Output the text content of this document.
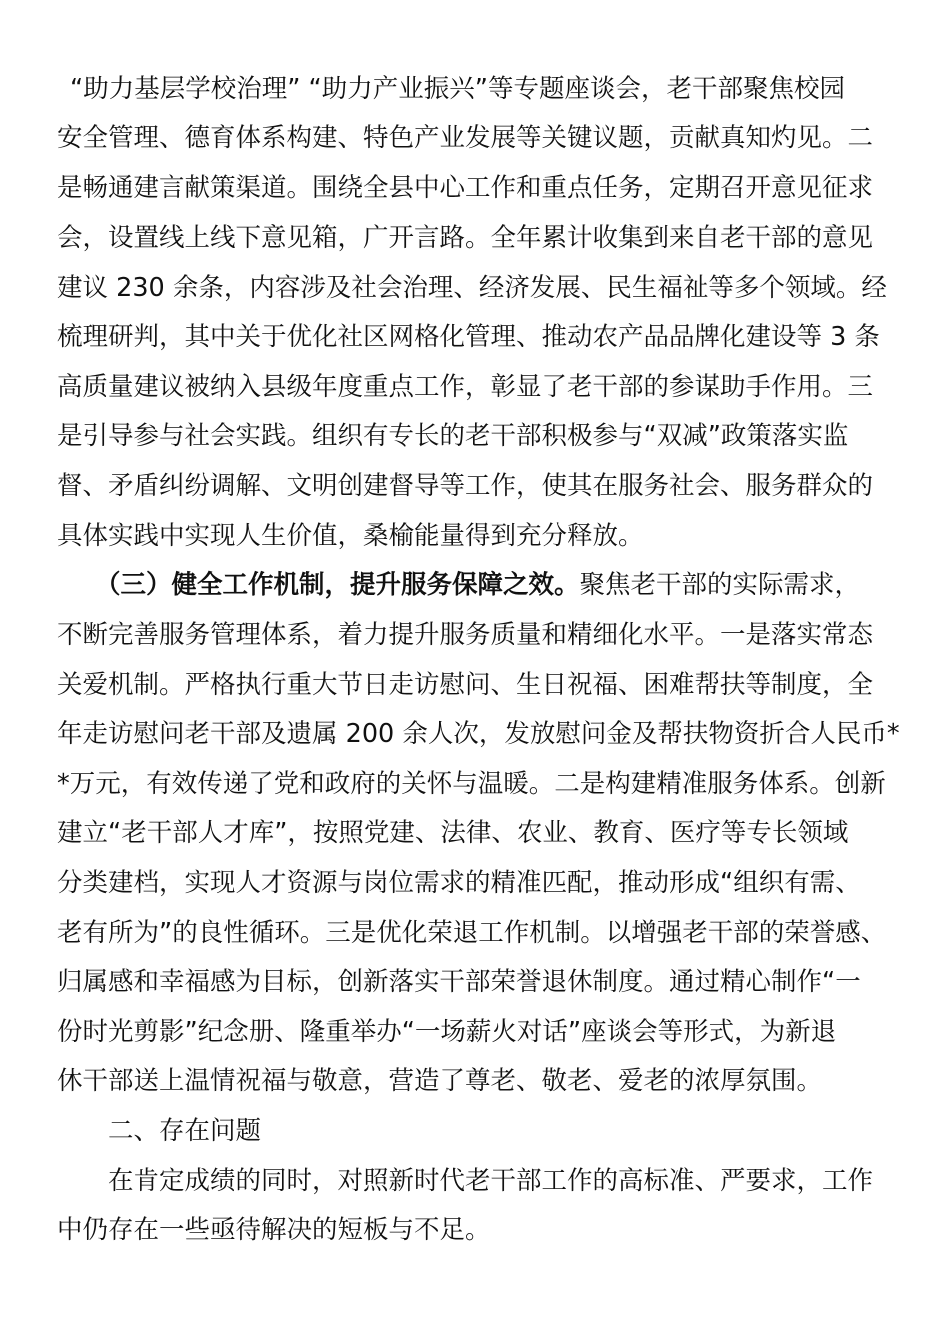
“助力基层学校治理” “助力产业振兴”等专题座谈会，老干部聚焦校园
安全管理、德育体系构建、特色产业发展等关键议题，贡献真知灼见。二
是畅通建言献策渠道。围绕全县中心工作和重点任务，定期召开意见征求
会，设置线上线下意见箱，广开言路。全年累计收集到来自老干部的意见
建议 230 余条，内容涉及社会治理、经济发展、民生福祉等多个领域。经
梳理研判，其中关于优化社区网格化管理、推动农产品品牌化建设等 3 条
高质量建议被纳入县级年度重点工作，彰显了老干部的参谋助手作用。三
是引导参与社会实践。组织有专长的老干部积极参与“双减”政策落实监
督、矛盾纠纷调解、文明创建督导等工作，使其在服务社会、服务群众的
具体实践中实现人生价值，桑榆能量得到充分释放。
（三）健全工作机制，提升服务保障之效。聚焦老干部的实际需求，
不断完善服务管理体系，着力提升服务质量和精细化水平。一是落实常态
关爱机制。严格执行重大节日走访慰问、生日祝福、困难帮扶等制度，全
年走访慰问老干部及遗属 200 余人次，发放慰问金及帮扶物资折合人民币*
*万元，有效传递了党和政府的关怀与温暖。二是构建精准服务体系。创新
建立“老干部人才库”，按照党建、法律、农业、教育、医疗等专长领域
分类建档，实现人才资源与岗位需求的精准匹配，推动形成“组织有需、
老有所为”的良性循环。三是优化荣退工作机制。以增强老干部的荣誉感、
归属感和幸福感为目标，创新落实干部荣誉退休制度。通过精心制作“一
份时光剪影”纪念册、隆重举办“一场薪火对话”座谈会等形式，为新退
休干部送上温情祝福与敬意，营造了尊老、敬老、爱老的浓厚氛围。
二、存在问题
在肯定成绩的同时，对照新时代老干部工作的高标准、严要求，工作
中仍存在一些亟待解决的短板与不足。
